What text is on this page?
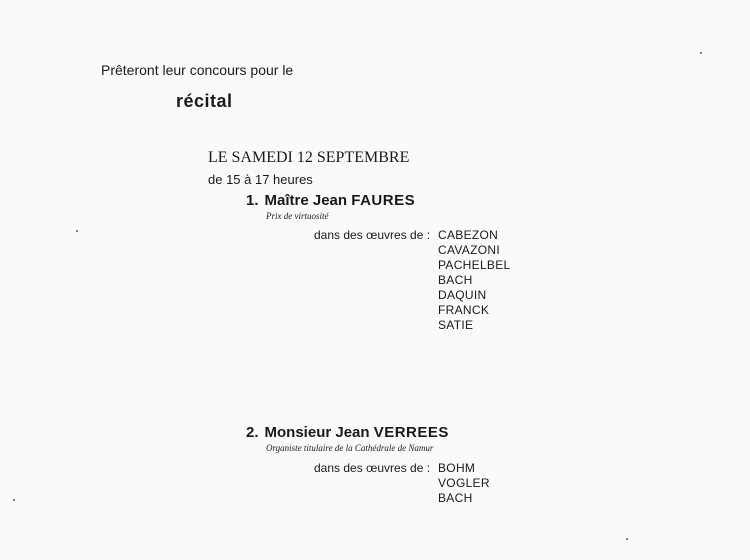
Prêteront leur concours pour le
récital
LE SAMEDI 12 SEPTEMBRE
de 15 à 17 heures
1. Maître Jean FAURES
Prix de virtuosité
dans des œuvres de : CABEZON
CAVAZONI
PACHELBEL
BACH
DAQUIN
FRANCK
SATIE
2. Monsieur Jean VERREES
Organiste titulaire de la Cathédrale de Namur
dans des œuvres de : BOHM
VOGLER
BACH
